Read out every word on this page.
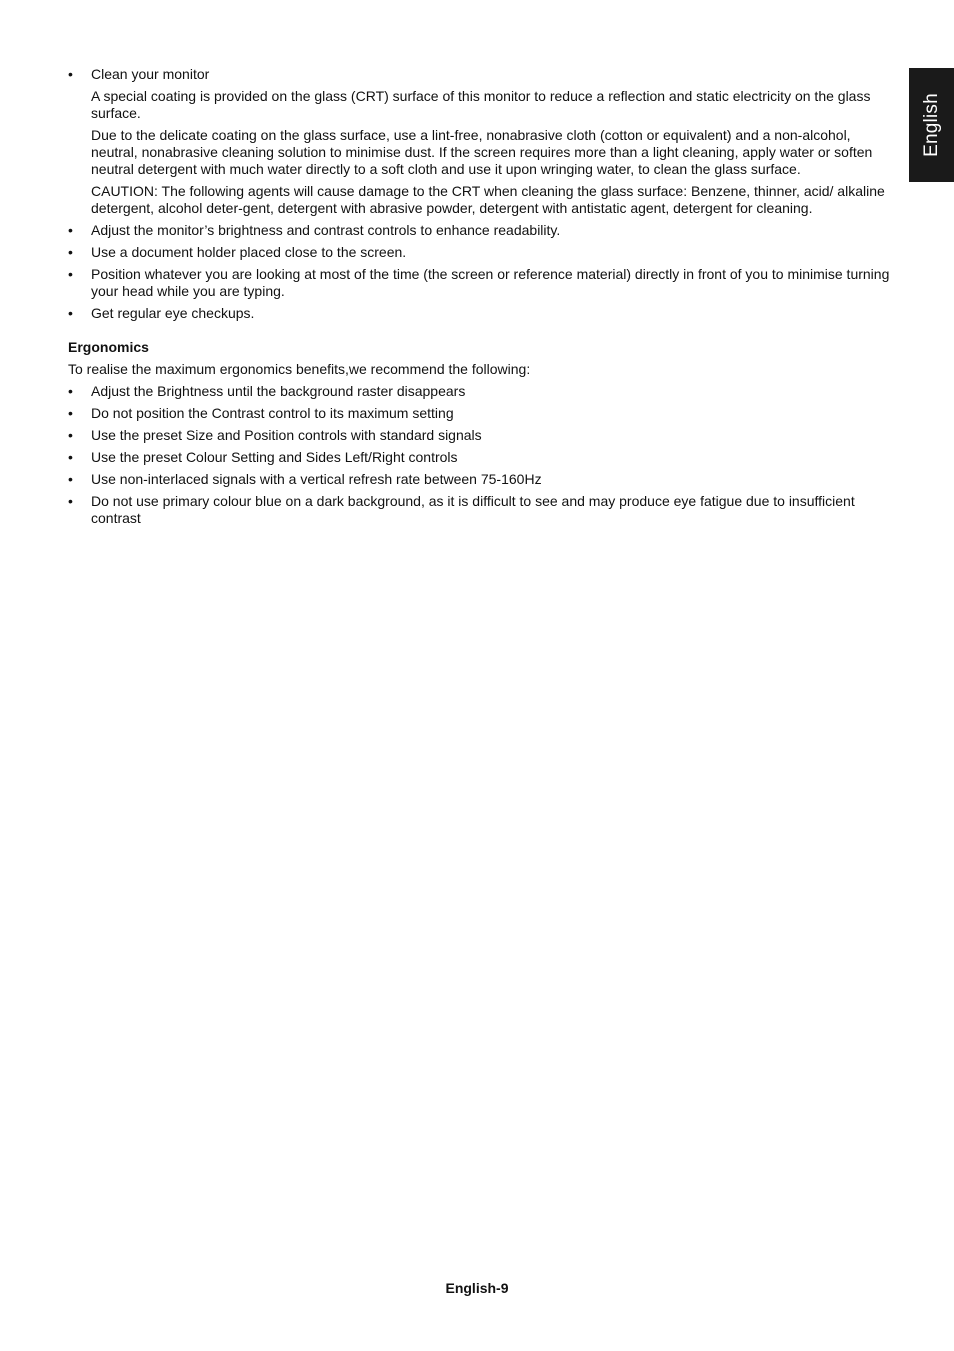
English
• Clean your monitor

A special coating is provided on the glass (CRT) surface of this monitor to reduce a reflection and static electricity on the glass surface.

Due to the delicate coating on the glass surface, use a lint-free, nonabrasive cloth (cotton or equivalent) and a non-alcohol, neutral, nonabrasive cleaning solution to minimise dust. If the screen requires more than a light cleaning, apply water or soften neutral detergent with much water directly to a soft cloth and use it upon wringing water, to clean the glass surface.

CAUTION: The following agents will cause damage to the CRT when cleaning the glass surface: Benzene, thinner, acid/ alkaline detergent, alcohol deter-gent, detergent with abrasive powder, detergent with antistatic agent, detergent for cleaning.

• Adjust the monitor’s brightness and contrast controls to enhance readability.
• Use a document holder placed close to the screen.
• Position whatever you are looking at most of the time (the screen or reference material) directly in front of you to minimise turning your head while you are typing.
• Get regular eye checkups.
Ergonomics

To realise the maximum ergonomics benefits,we recommend the following:

• Adjust the Brightness until the background raster disappears
• Do not position the Contrast control to its maximum setting
• Use the preset Size and Position controls with standard signals
• Use the preset Colour Setting and Sides Left/Right controls
• Use non-interlaced signals with a vertical refresh rate between 75-160Hz
• Do not use primary colour blue on a dark background, as it is difficult to see and may produce eye fatigue due to insufficient contrast
English-9
